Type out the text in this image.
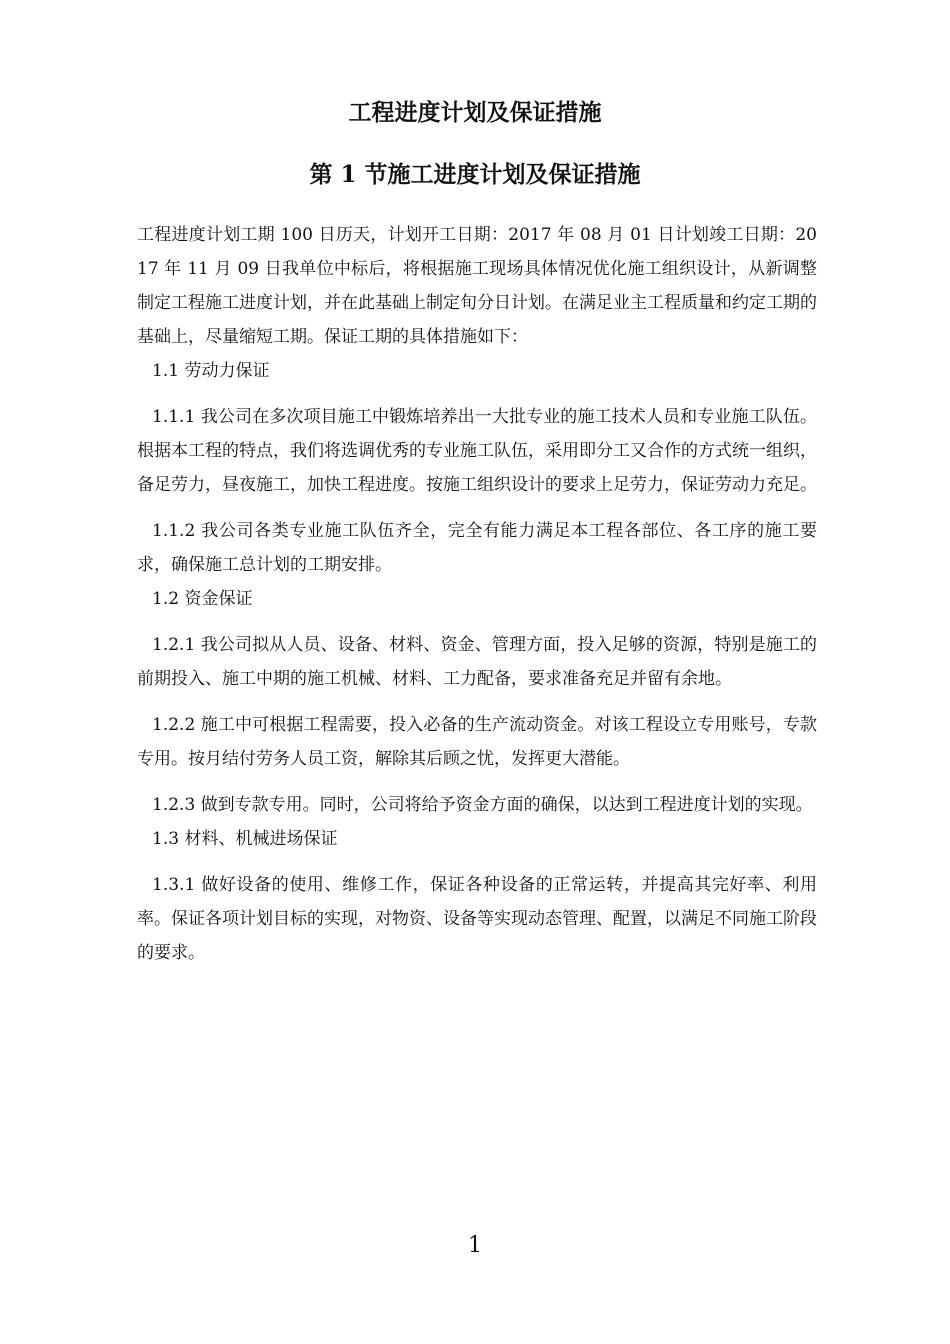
工程进度计划及保证措施
第 1 节施工进度计划及保证措施

工程进度计划工期 100 日历天，计划开工日期：2017 年 08 月 01 日计划竣工日期：2017 年 11 月 09 日我单位中标后，将根据施工现场具体情况优化施工组织设计，从新调整制定工程施工进度计划，并在此基础上制定旬分日计划。在满足业主工程质量和约定工期的基础上，尽量缩短工期。保证工期的具体措施如下：

1.1 劳动力保证

1.1.1 我公司在多次项目施工中锻炼培养出一大批专业的施工技术人员和专业施工队伍。根据本工程的特点，我们将选调优秀的专业施工队伍，采用即分工又合作的方式统一组织，备足劳力，昼夜施工，加快工程进度。按施工组织设计的要求上足劳力，保证劳动力充足。

1.1.2 我公司各类专业施工队伍齐全，完全有能力满足本工程各部位、各工序的施工要求，确保施工总计划的工期安排。

1.2 资金保证

1.2.1 我公司拟从人员、设备、材料、资金、管理方面，投入足够的资源，特别是施工的前期投入、施工中期的施工机械、材料、工力配备，要求准备充足并留有余地。

1.2.2 施工中可根据工程需要，投入必备的生产流动资金。对该工程设立专用账号，专款专用。按月结付劳务人员工资，解除其后顾之忧，发挥更大潜能。

1.2.3 做到专款专用。同时，公司将给予资金方面的确保，以达到工程进度计划的实现。

1.3 材料、机械进场保证

1.3.1 做好设备的使用、维修工作，保证各种设备的正常运转，并提高其完好率、利用率。保证各项计划目标的实现，对物资、设备等实现动态管理、配置，以满足不同施工阶段的要求。

1
